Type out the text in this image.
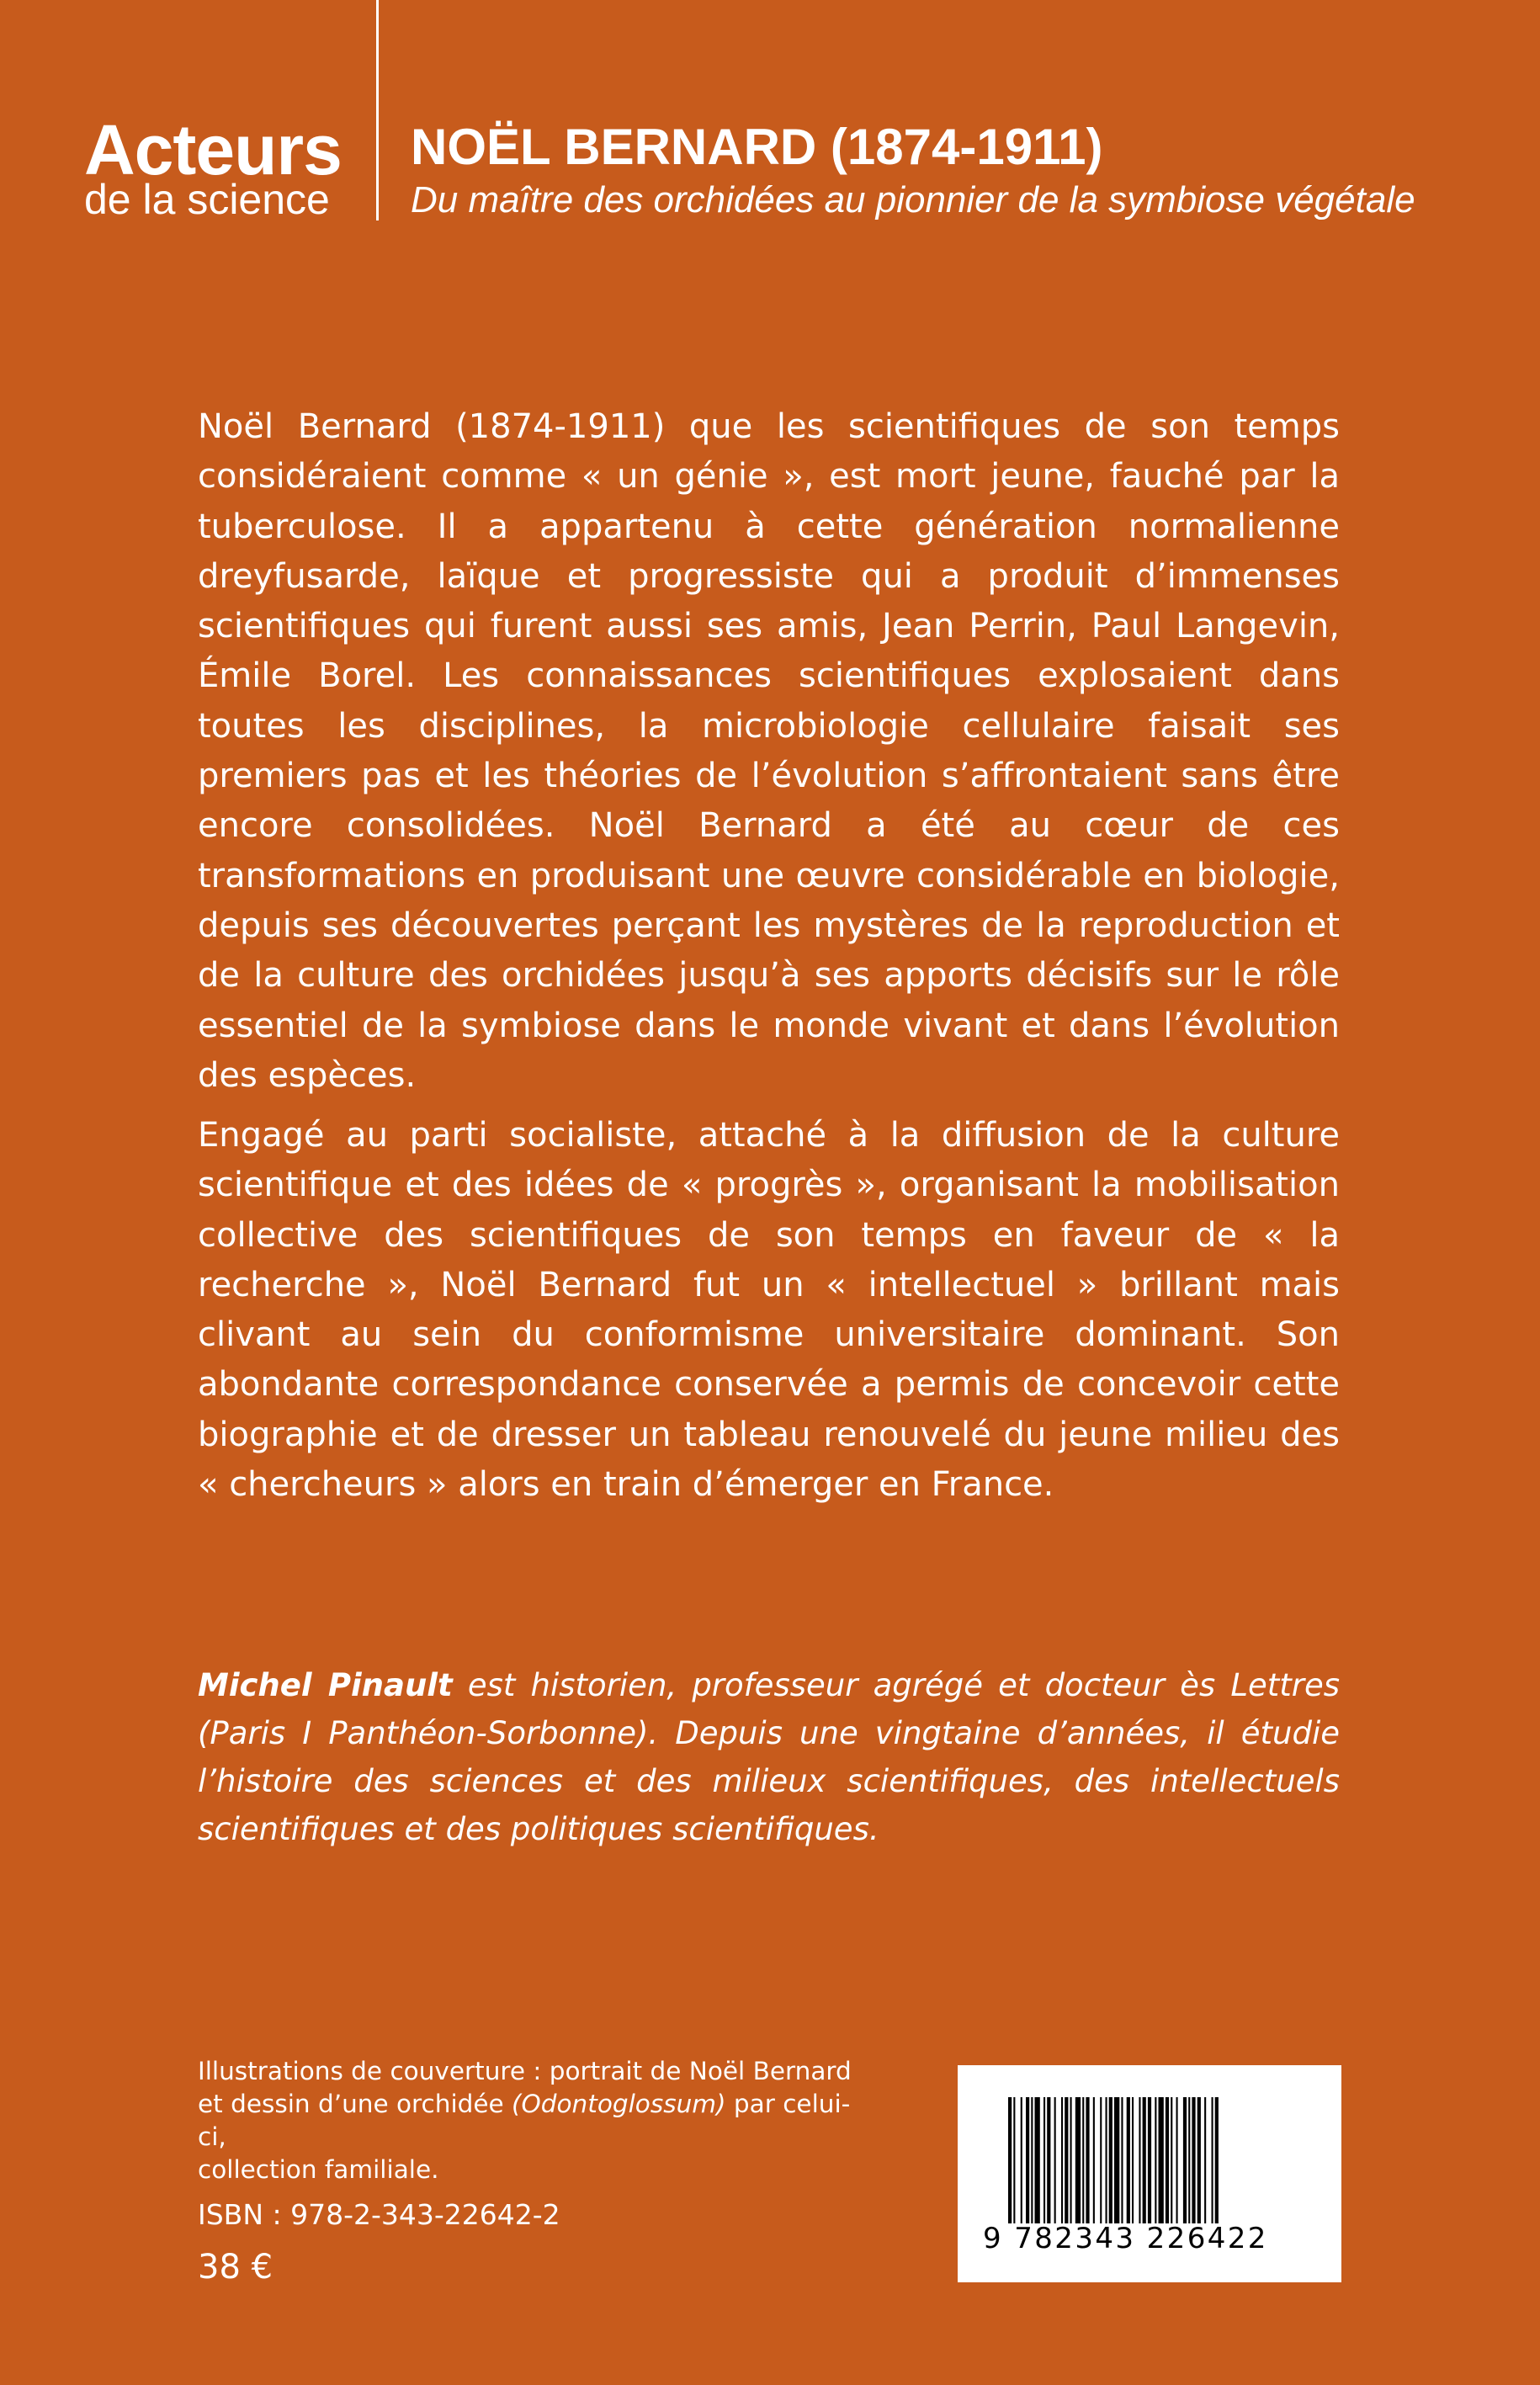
Acteurs
de la science
NOËL BERNARD (1874-1911)
Du maître des orchidées au pionnier de la symbiose végétale

Noël Bernard (1874-1911) que les scientifiques de son temps considéraient comme « un génie », est mort jeune, fauché par la tuberculose. Il a appartenu à cette génération normalienne dreyfusarde, laïque et progressiste qui a produit d’immenses scientifiques qui furent aussi ses amis, Jean Perrin, Paul Langevin, Émile Borel. Les connaissances scientifiques explosaient dans toutes les disciplines, la microbiologie cellulaire faisait ses premiers pas et les théories de l’évolution s’affrontaient sans être encore consolidées. Noël Bernard a été au cœur de ces transformations en produisant une œuvre considérable en biologie, depuis ses découvertes perçant les mystères de la reproduction et de la culture des orchidées jusqu’à ses apports décisifs sur le rôle essentiel de la symbiose dans le monde vivant et dans l’évolution des espèces.

Engagé au parti socialiste, attaché à la diffusion de la culture scientifique et des idées de « progrès », organisant la mobilisation collective des scientifiques de son temps en faveur de « la recherche », Noël Bernard fut un « intellectuel » brillant mais clivant au sein du conformisme universitaire dominant. Son abondante correspondance conservée a permis de concevoir cette biographie et de dresser un tableau renouvelé du jeune milieu des « chercheurs » alors en train d’émerger en France.

Michel Pinault est historien, professeur agrégé et docteur ès Lettres (Paris I Panthéon-Sorbonne). Depuis une vingtaine d’années, il étudie l’histoire des sciences et des milieux scientifiques, des intellectuels scientifiques et des politiques scientifiques.

Illustrations de couverture : portrait de Noël Bernard
et dessin d’une orchidée (Odontoglossum) par celui-ci,
collection familiale.

ISBN : 978-2-343-22642-2
38 €
9 782343 226422
